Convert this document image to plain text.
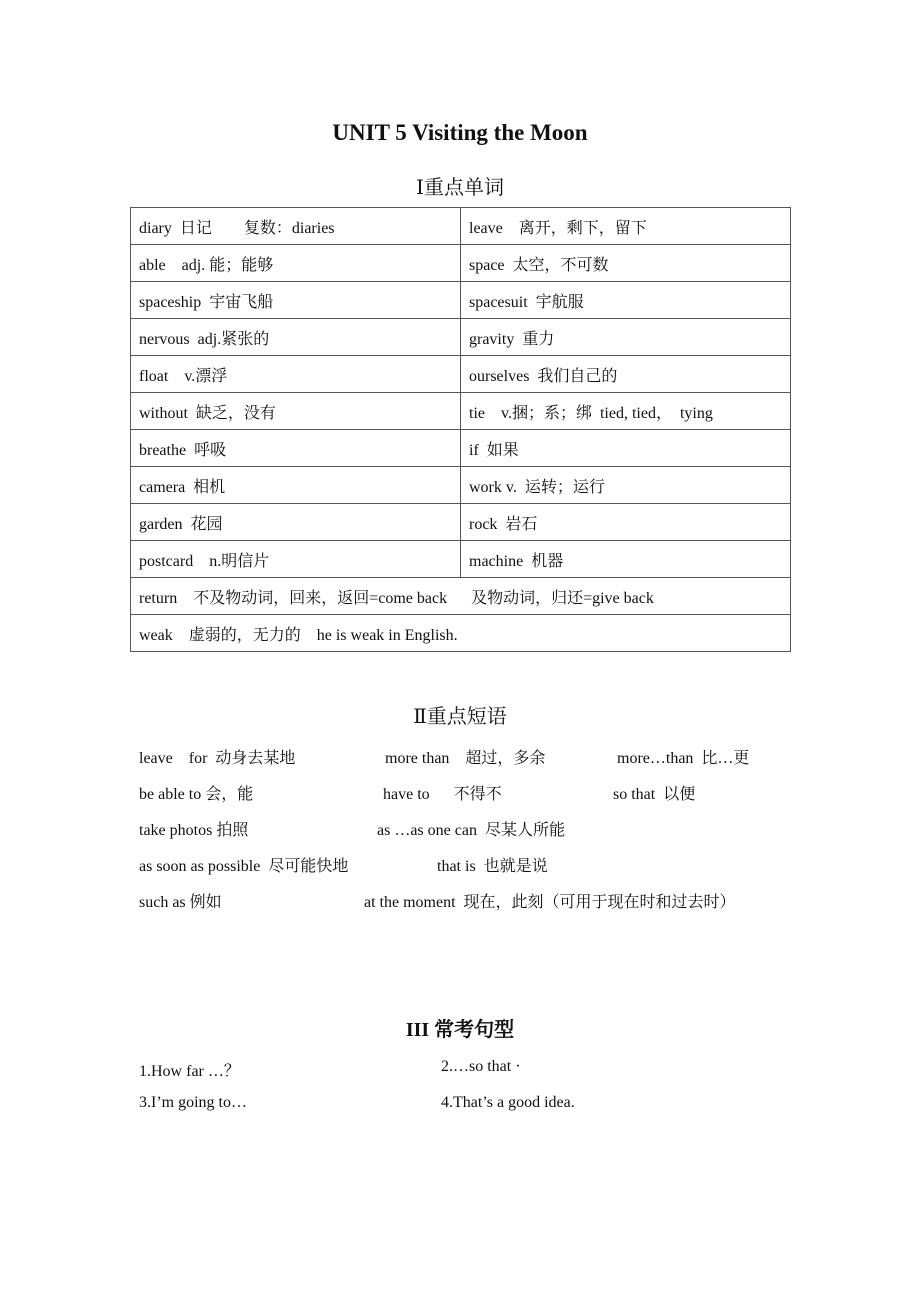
UNIT 5 Visiting the Moon
Ⅰ重点单词
diary  日记        复数：diaries	leave    离开，剩下，留下
able    adj. 能；能够	space  太空，不可数
spaceship  宇宙飞船	spacesuit  宇航服
nervous  adj.紧张的	gravity  重力
float    v.漂浮	ourselves  我们自己的
without  缺乏，没有	tie    v.捆；系；绑  tied, tied，  tying
breathe  呼吸	if  如果
camera  相机	work v.  运转；运行
garden  花园	rock  岩石
postcard    n.明信片	machine  机器
return    不及物动词，回来，返回=come back      及物动词，归还=give back	
weak    虚弱的，无力的    he is weak in English.	
Ⅱ重点短语
leave    for  动身去某地	more than    超过，多余	more…than  比…更
be able to 会，能	have to      不得不	so that  以便
take photos 拍照	as …as one can  尽某人所能
as soon as possible  尽可能快地	that is  也就是说
such as 例如	at the moment  现在，此刻（可用于现在时和过去时）
III 常考句型
1.How far …？	2.…so that ·
3.I’m going to…	4.That’s a good idea.
